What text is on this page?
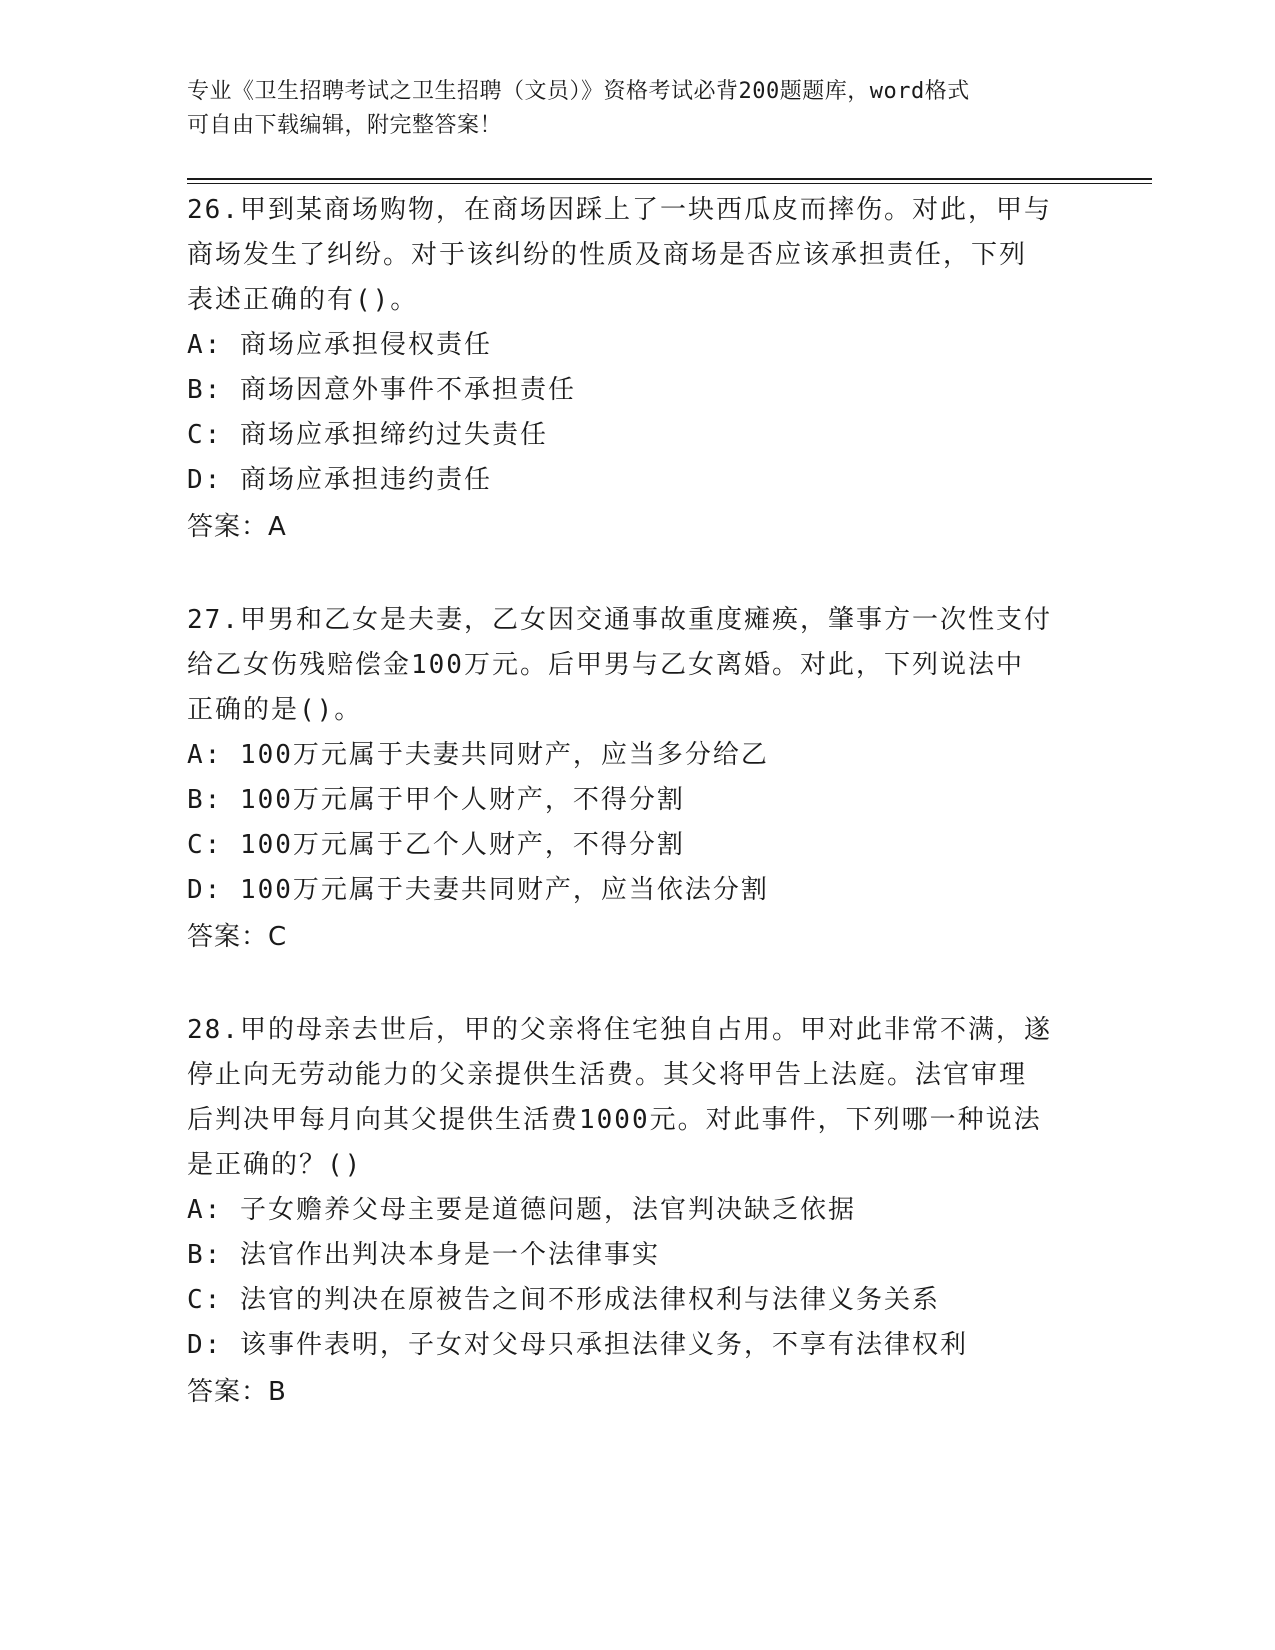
专业《卫生招聘考试之卫生招聘（文员）》资格考试必背200题题库，word格式
可自由下载编辑，附完整答案！
26.甲到某商场购物，在商场因踩上了一块西瓜皮而摔伤。对此，甲与
商场发生了纠纷。对于该纠纷的性质及商场是否应该承担责任，下列
表述正确的有()。
A: 商场应承担侵权责任
B: 商场因意外事件不承担责任
C: 商场应承担缔约过失责任
D: 商场应承担违约责任
答案：A
27.甲男和乙女是夫妻，乙女因交通事故重度瘫痪，肇事方一次性支付
给乙女伤残赔偿金100万元。后甲男与乙女离婚。对此，下列说法中
正确的是()。
A: 100万元属于夫妻共同财产，应当多分给乙
B: 100万元属于甲个人财产，不得分割
C: 100万元属于乙个人财产，不得分割
D: 100万元属于夫妻共同财产，应当依法分割
答案：C
28.甲的母亲去世后，甲的父亲将住宅独自占用。甲对此非常不满，遂
停止向无劳动能力的父亲提供生活费。其父将甲告上法庭。法官审理
后判决甲每月向其父提供生活费1000元。对此事件，下列哪一种说法
是正确的？()
A: 子女赡养父母主要是道德问题，法官判决缺乏依据
B: 法官作出判决本身是一个法律事实
C: 法官的判决在原被告之间不形成法律权利与法律义务关系
D: 该事件表明，子女对父母只承担法律义务，不享有法律权利
答案：B
